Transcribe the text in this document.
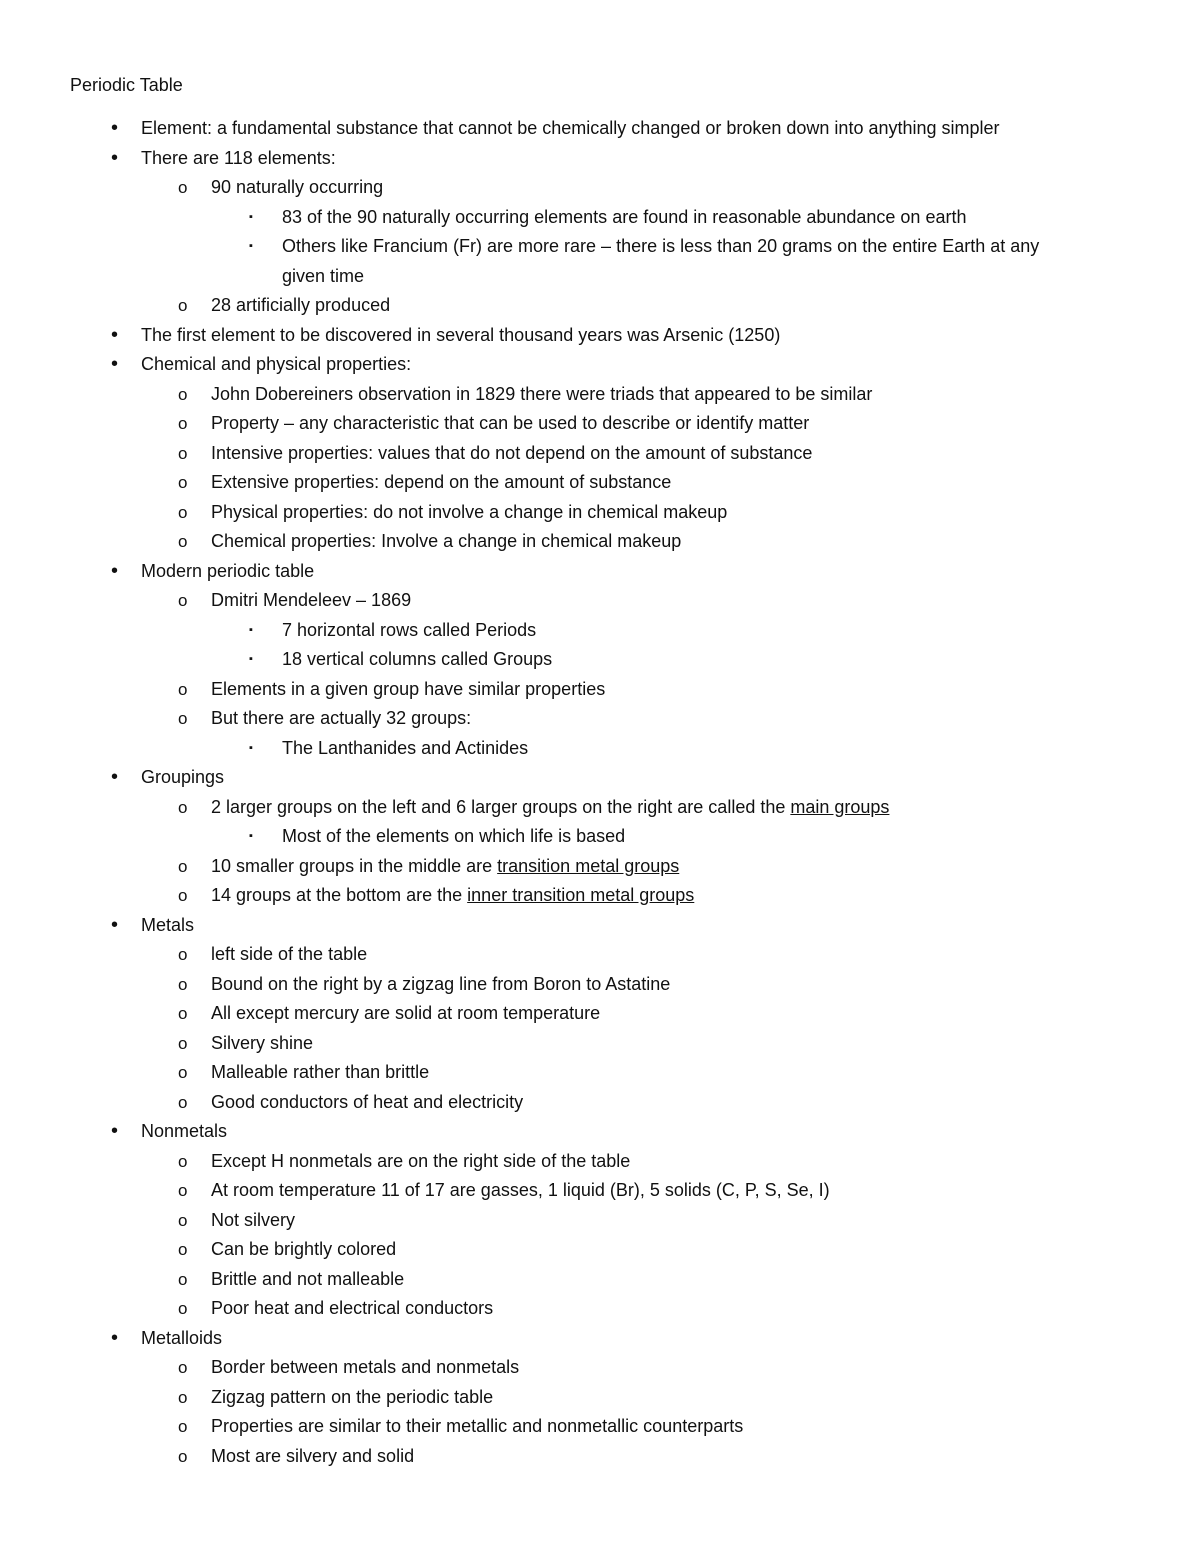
Periodic Table
• Element: a fundamental substance that cannot be chemically changed or broken down into anything simpler
• There are 118 elements:
o 90 naturally occurring
▪ 83 of the 90 naturally occurring elements are found in reasonable abundance on earth
▪ Others like Francium (Fr) are more rare – there is less than 20 grams on the entire Earth at any
given time
o 28 artificially produced
• The first element to be discovered in several thousand years was Arsenic (1250)
• Chemical and physical properties:
o John Dobereiners observation in 1829 there were triads that appeared to be similar
o Property – any characteristic that can be used to describe or identify matter
o Intensive properties: values that do not depend on the amount of substance
o Extensive properties: depend on the amount of substance
o Physical properties: do not involve a change in chemical makeup
o Chemical properties: Involve a change in chemical makeup
• Modern periodic table
o Dmitri Mendeleev – 1869
▪ 7 horizontal rows called Periods
▪ 18 vertical columns called Groups
o Elements in a given group have similar properties
o But there are actually 32 groups:
▪ The Lanthanides and Actinides
• Groupings
o 2 larger groups on the left and 6 larger groups on the right are called the main groups
▪ Most of the elements on which life is based
o 10 smaller groups in the middle are transition metal groups
o 14 groups at the bottom are the inner transition metal groups
• Metals
o left side of the table
o Bound on the right by a zigzag line from Boron to Astatine
o All except mercury are solid at room temperature
o Silvery shine
o Malleable rather than brittle
o Good conductors of heat and electricity
• Nonmetals
o Except H nonmetals are on the right side of the table
o At room temperature 11 of 17 are gasses, 1 liquid (Br), 5 solids (C, P, S, Se, I)
o Not silvery
o Can be brightly colored
o Brittle and not malleable
o Poor heat and electrical conductors
• Metalloids
o Border between metals and nonmetals
o Zigzag pattern on the periodic table
o Properties are similar to their metallic and nonmetallic counterparts
o Most are silvery and solid
